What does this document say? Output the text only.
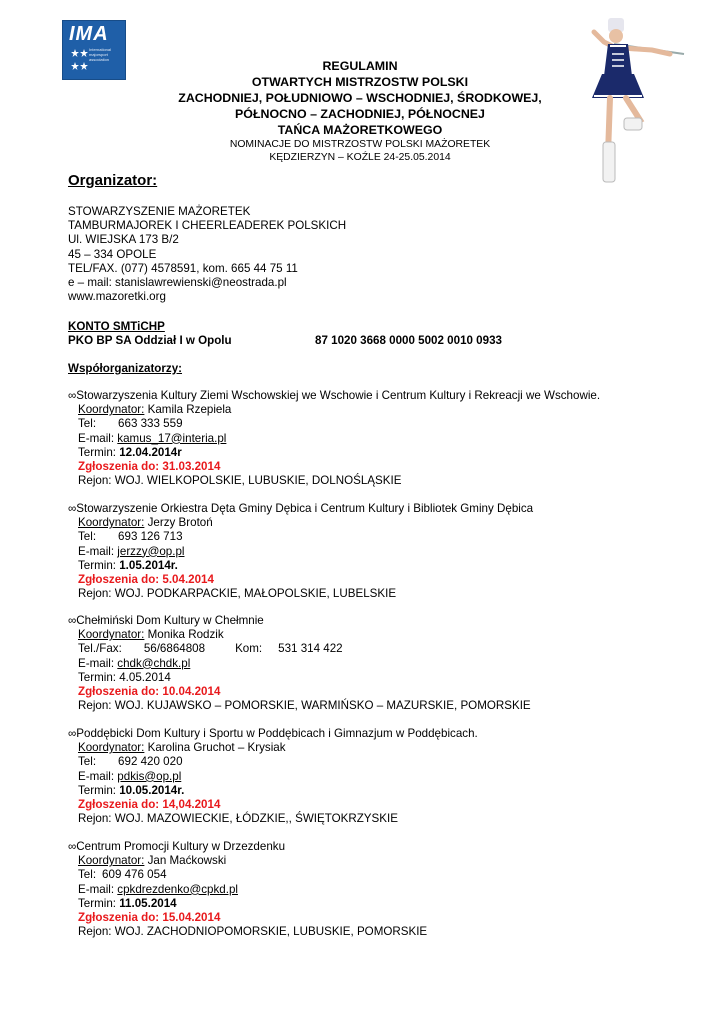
IMA
International majorsport association	REGULAMIN
OTWARTYCH MISTRZOSTW POLSKI
ZACHODNIEJ, POŁUDNIOWO – WSCHODNIEJ, ŚRODKOWEJ,
PÓŁNOCNO – ZACHODNIEJ, PÓŁNOCNEJ
TAŃCA MAŻORETKOWEGO
NOMINACJE DO MISTRZOSTW POLSKI MAŻORETEK
KĘDZIERZYN – KOŹLE 24-25.05.2014
Organizator:
STOWARZYSZENIE MAŻORETEK
TAMBURMAJOREK I CHEERLEADEREK POLSKICH
Ul. WIEJSKA 173 B/2
45 – 334 OPOLE
TEL/FAX. (077) 4578591, kom. 665 44 75 11
e – mail: stanislawrewienski@neostrada.pl
www.mazoretki.org
KONTO SMTiCHP
PKO BP SA Oddział I w Opolu	87 1020 3668 0000 5002 0010 0933
Współorganizatorzy:
∞Stowarzyszenia Kultury Ziemi Wschowskiej we Wschowie i Centrum Kultury i Rekreacji we Wschowie.
Koordynator: Kamila Rzepiela
Tel: 663 333 559
E-mail: kamus_17@interia.pl
Termin: 12.04.2014r
Zgłoszenia do: 31.03.2014
Rejon: WOJ. WIELKOPOLSKIE, LUBUSKIE, DOLNOŚLĄSKIE
∞Stowarzyszenie Orkiestra Dęta Gminy Dębica i Centrum Kultury i Bibliotek Gminy Dębica
Koordynator: Jerzy Brotoń
Tel: 693 126 713
E-mail: jerzzy@op.pl
Termin: 1.05.2014r.
Zgłoszenia do: 5.04.2014
Rejon: WOJ. PODKARPACKIE, MAŁOPOLSKIE, LUBELSKIE
∞Chełmiński Dom Kultury w Chełmnie
Koordynator: Monika Rodzik
Tel./Fax: 56/6864808	Kom: 531 314 422
E-mail: chdk@chdk.pl
Termin: 4.05.2014
Zgłoszenia do: 10.04.2014
Rejon: WOJ. KUJAWSKO – POMORSKIE, WARMIŃSKO – MAZURSKIE, POMORSKIE
∞Poddębicki Dom Kultury i Sportu w Poddębicach i Gimnazjum w Poddębicach.
Koordynator: Karolina Gruchot – Krysiak
Tel: 692 420 020
E-mail: pdkis@op.pl
Termin: 10.05.2014r.
Zgłoszenia do: 14,04.2014
Rejon: WOJ. MAZOWIECKIE, ŁÓDZKIE,, ŚWIĘTOKRZYSKIE
∞Centrum Promocji Kultury w Drzezdenku
Koordynator: Jan Maćkowski
Tel: 609 476 054
E-mail: cpkdrezdenko@cpkd.pl
Termin: 11.05.2014
Zgłoszenia do: 15.04.2014
Rejon: WOJ. ZACHODNIOPOMORSKIE, LUBUSKIE, POMORSKIE
